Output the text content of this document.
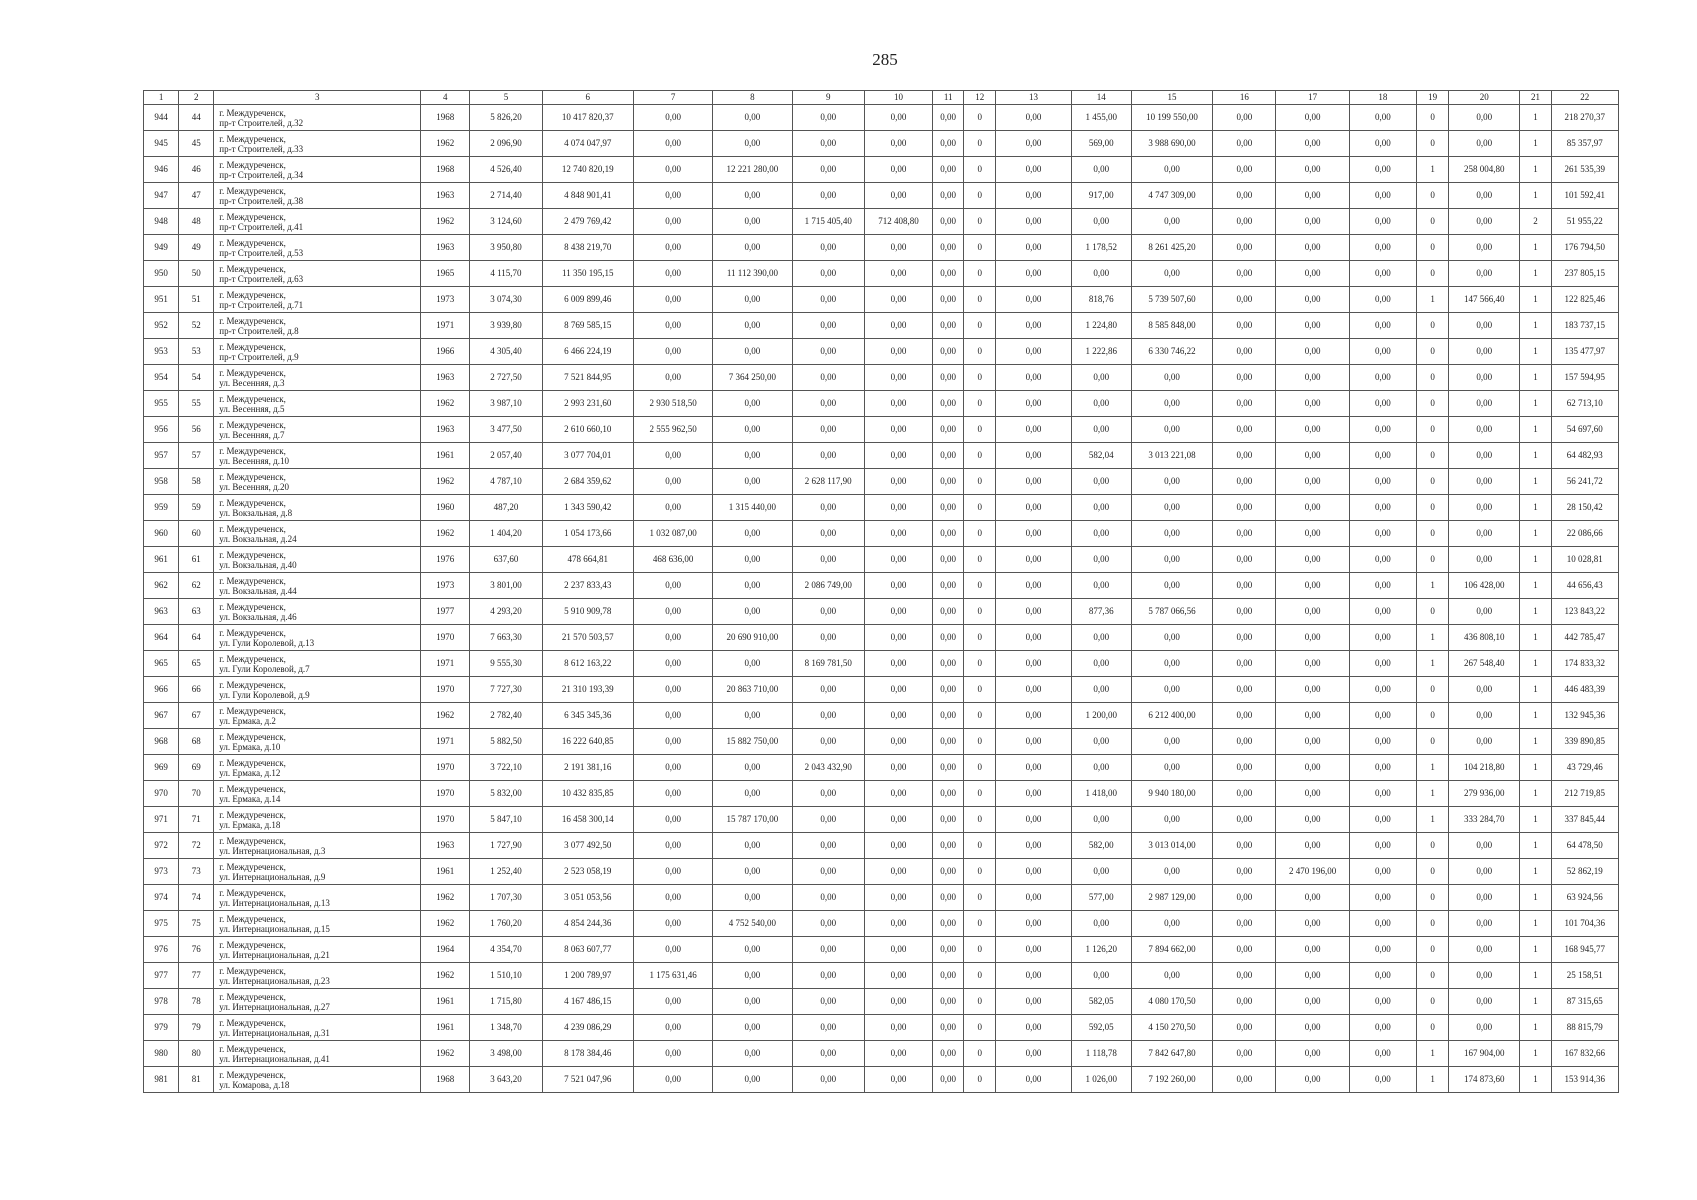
285
1	2	3	4	5	6	7	8	9	10	11	12	13	14	15	16	17	18	19	20	21	22
944	44	г. Междуреченск,
пр-т Строителей, д.32	1968	5 826,20	10 417 820,37	0,00	0,00	0,00	0,00	0,00	0	0,00	1 455,00	10 199 550,00	0,00	0,00	0,00	0	0,00	1	218 270,37
945	45	г. Междуреченск,
пр-т Строителей, д.33	1962	2 096,90	4 074 047,97	0,00	0,00	0,00	0,00	0,00	0	0,00	569,00	3 988 690,00	0,00	0,00	0,00	0	0,00	1	85 357,97
946	46	г. Междуреченск,
пр-т Строителей, д.34	1968	4 526,40	12 740 820,19	0,00	12 221 280,00	0,00	0,00	0,00	0	0,00	0,00	0,00	0,00	0,00	0,00	1	258 004,80	1	261 535,39
947	47	г. Междуреченск,
пр-т Строителей, д.38	1963	2 714,40	4 848 901,41	0,00	0,00	0,00	0,00	0,00	0	0,00	917,00	4 747 309,00	0,00	0,00	0,00	0	0,00	1	101 592,41
948	48	г. Междуреченск,
пр-т Строителей, д.41	1962	3 124,60	2 479 769,42	0,00	0,00	1 715 405,40	712 408,80	0,00	0	0,00	0,00	0,00	0,00	0,00	0,00	0	0,00	2	51 955,22
949	49	г. Междуреченск,
пр-т Строителей, д.53	1963	3 950,80	8 438 219,70	0,00	0,00	0,00	0,00	0,00	0	0,00	1 178,52	8 261 425,20	0,00	0,00	0,00	0	0,00	1	176 794,50
950	50	г. Междуреченск,
пр-т Строителей, д.63	1965	4 115,70	11 350 195,15	0,00	11 112 390,00	0,00	0,00	0,00	0	0,00	0,00	0,00	0,00	0,00	0,00	0	0,00	1	237 805,15
951	51	г. Междуреченск,
пр-т Строителей, д.71	1973	3 074,30	6 009 899,46	0,00	0,00	0,00	0,00	0,00	0	0,00	818,76	5 739 507,60	0,00	0,00	0,00	1	147 566,40	1	122 825,46
952	52	г. Междуреченск,
пр-т Строителей, д.8	1971	3 939,80	8 769 585,15	0,00	0,00	0,00	0,00	0,00	0	0,00	1 224,80	8 585 848,00	0,00	0,00	0,00	0	0,00	1	183 737,15
953	53	г. Междуреченск,
пр-т Строителей, д.9	1966	4 305,40	6 466 224,19	0,00	0,00	0,00	0,00	0,00	0	0,00	1 222,86	6 330 746,22	0,00	0,00	0,00	0	0,00	1	135 477,97
954	54	г. Междуреченск,
ул. Весенняя, д.3	1963	2 727,50	7 521 844,95	0,00	7 364 250,00	0,00	0,00	0,00	0	0,00	0,00	0,00	0,00	0,00	0,00	0	0,00	1	157 594,95
955	55	г. Междуреченск,
ул. Весенняя, д.5	1962	3 987,10	2 993 231,60	2 930 518,50	0,00	0,00	0,00	0,00	0	0,00	0,00	0,00	0,00	0,00	0,00	0	0,00	1	62 713,10
956	56	г. Междуреченск,
ул. Весенняя, д.7	1963	3 477,50	2 610 660,10	2 555 962,50	0,00	0,00	0,00	0,00	0	0,00	0,00	0,00	0,00	0,00	0,00	0	0,00	1	54 697,60
957	57	г. Междуреченск,
ул. Весенняя, д.10	1961	2 057,40	3 077 704,01	0,00	0,00	0,00	0,00	0,00	0	0,00	582,04	3 013 221,08	0,00	0,00	0,00	0	0,00	1	64 482,93
958	58	г. Междуреченск,
ул. Весенняя, д.20	1962	4 787,10	2 684 359,62	0,00	0,00	2 628 117,90	0,00	0,00	0	0,00	0,00	0,00	0,00	0,00	0,00	0	0,00	1	56 241,72
959	59	г. Междуреченск,
ул. Вокзальная, д.8	1960	487,20	1 343 590,42	0,00	1 315 440,00	0,00	0,00	0,00	0	0,00	0,00	0,00	0,00	0,00	0,00	0	0,00	1	28 150,42
960	60	г. Междуреченск,
ул. Вокзальная, д.24	1962	1 404,20	1 054 173,66	1 032 087,00	0,00	0,00	0,00	0,00	0	0,00	0,00	0,00	0,00	0,00	0,00	0	0,00	1	22 086,66
961	61	г. Междуреченск,
ул. Вокзальная, д.40	1976	637,60	478 664,81	468 636,00	0,00	0,00	0,00	0,00	0	0,00	0,00	0,00	0,00	0,00	0,00	0	0,00	1	10 028,81
962	62	г. Междуреченск,
ул. Вокзальная, д.44	1973	3 801,00	2 237 833,43	0,00	0,00	2 086 749,00	0,00	0,00	0	0,00	0,00	0,00	0,00	0,00	0,00	1	106 428,00	1	44 656,43
963	63	г. Междуреченск,
ул. Вокзальная, д.46	1977	4 293,20	5 910 909,78	0,00	0,00	0,00	0,00	0,00	0	0,00	877,36	5 787 066,56	0,00	0,00	0,00	0	0,00	1	123 843,22
964	64	г. Междуреченск,
ул. Гули Королевой, д.13	1970	7 663,30	21 570 503,57	0,00	20 690 910,00	0,00	0,00	0,00	0	0,00	0,00	0,00	0,00	0,00	0,00	1	436 808,10	1	442 785,47
965	65	г. Междуреченск,
ул. Гули Королевой, д.7	1971	9 555,30	8 612 163,22	0,00	0,00	8 169 781,50	0,00	0,00	0	0,00	0,00	0,00	0,00	0,00	0,00	1	267 548,40	1	174 833,32
966	66	г. Междуреченск,
ул. Гули Королевой, д.9	1970	7 727,30	21 310 193,39	0,00	20 863 710,00	0,00	0,00	0,00	0	0,00	0,00	0,00	0,00	0,00	0,00	0	0,00	1	446 483,39
967	67	г. Междуреченск,
ул. Ермака, д.2	1962	2 782,40	6 345 345,36	0,00	0,00	0,00	0,00	0,00	0	0,00	1 200,00	6 212 400,00	0,00	0,00	0,00	0	0,00	1	132 945,36
968	68	г. Междуреченск,
ул. Ермака, д.10	1971	5 882,50	16 222 640,85	0,00	15 882 750,00	0,00	0,00	0,00	0	0,00	0,00	0,00	0,00	0,00	0,00	0	0,00	1	339 890,85
969	69	г. Междуреченск,
ул. Ермака, д.12	1970	3 722,10	2 191 381,16	0,00	0,00	2 043 432,90	0,00	0,00	0	0,00	0,00	0,00	0,00	0,00	0,00	1	104 218,80	1	43 729,46
970	70	г. Междуреченск,
ул. Ермака, д.14	1970	5 832,00	10 432 835,85	0,00	0,00	0,00	0,00	0,00	0	0,00	1 418,00	9 940 180,00	0,00	0,00	0,00	1	279 936,00	1	212 719,85
971	71	г. Междуреченск,
ул. Ермака, д.18	1970	5 847,10	16 458 300,14	0,00	15 787 170,00	0,00	0,00	0,00	0	0,00	0,00	0,00	0,00	0,00	0,00	1	333 284,70	1	337 845,44
972	72	г. Междуреченск,
ул. Интернациональная, д.3	1963	1 727,90	3 077 492,50	0,00	0,00	0,00	0,00	0,00	0	0,00	582,00	3 013 014,00	0,00	0,00	0,00	0	0,00	1	64 478,50
973	73	г. Междуреченск,
ул. Интернациональная, д.9	1961	1 252,40	2 523 058,19	0,00	0,00	0,00	0,00	0,00	0	0,00	0,00	0,00	0,00	2 470 196,00	0,00	0	0,00	1	52 862,19
974	74	г. Междуреченск,
ул. Интернациональная, д.13	1962	1 707,30	3 051 053,56	0,00	0,00	0,00	0,00	0,00	0	0,00	577,00	2 987 129,00	0,00	0,00	0,00	0	0,00	1	63 924,56
975	75	г. Междуреченск,
ул. Интернациональная, д.15	1962	1 760,20	4 854 244,36	0,00	4 752 540,00	0,00	0,00	0,00	0	0,00	0,00	0,00	0,00	0,00	0,00	0	0,00	1	101 704,36
976	76	г. Междуреченск,
ул. Интернациональная, д.21	1964	4 354,70	8 063 607,77	0,00	0,00	0,00	0,00	0,00	0	0,00	1 126,20	7 894 662,00	0,00	0,00	0,00	0	0,00	1	168 945,77
977	77	г. Междуреченск,
ул. Интернациональная, д.23	1962	1 510,10	1 200 789,97	1 175 631,46	0,00	0,00	0,00	0,00	0	0,00	0,00	0,00	0,00	0,00	0,00	0	0,00	1	25 158,51
978	78	г. Междуреченск,
ул. Интернациональная, д.27	1961	1 715,80	4 167 486,15	0,00	0,00	0,00	0,00	0,00	0	0,00	582,05	4 080 170,50	0,00	0,00	0,00	0	0,00	1	87 315,65
979	79	г. Междуреченск,
ул. Интернациональная, д.31	1961	1 348,70	4 239 086,29	0,00	0,00	0,00	0,00	0,00	0	0,00	592,05	4 150 270,50	0,00	0,00	0,00	0	0,00	1	88 815,79
980	80	г. Междуреченск,
ул. Интернациональная, д.41	1962	3 498,00	8 178 384,46	0,00	0,00	0,00	0,00	0,00	0	0,00	1 118,78	7 842 647,80	0,00	0,00	0,00	1	167 904,00	1	167 832,66
981	81	г. Междуреченск,
ул. Комарова, д.18	1968	3 643,20	7 521 047,96	0,00	0,00	0,00	0,00	0,00	0	0,00	1 026,00	7 192 260,00	0,00	0,00	0,00	1	174 873,60	1	153 914,36
